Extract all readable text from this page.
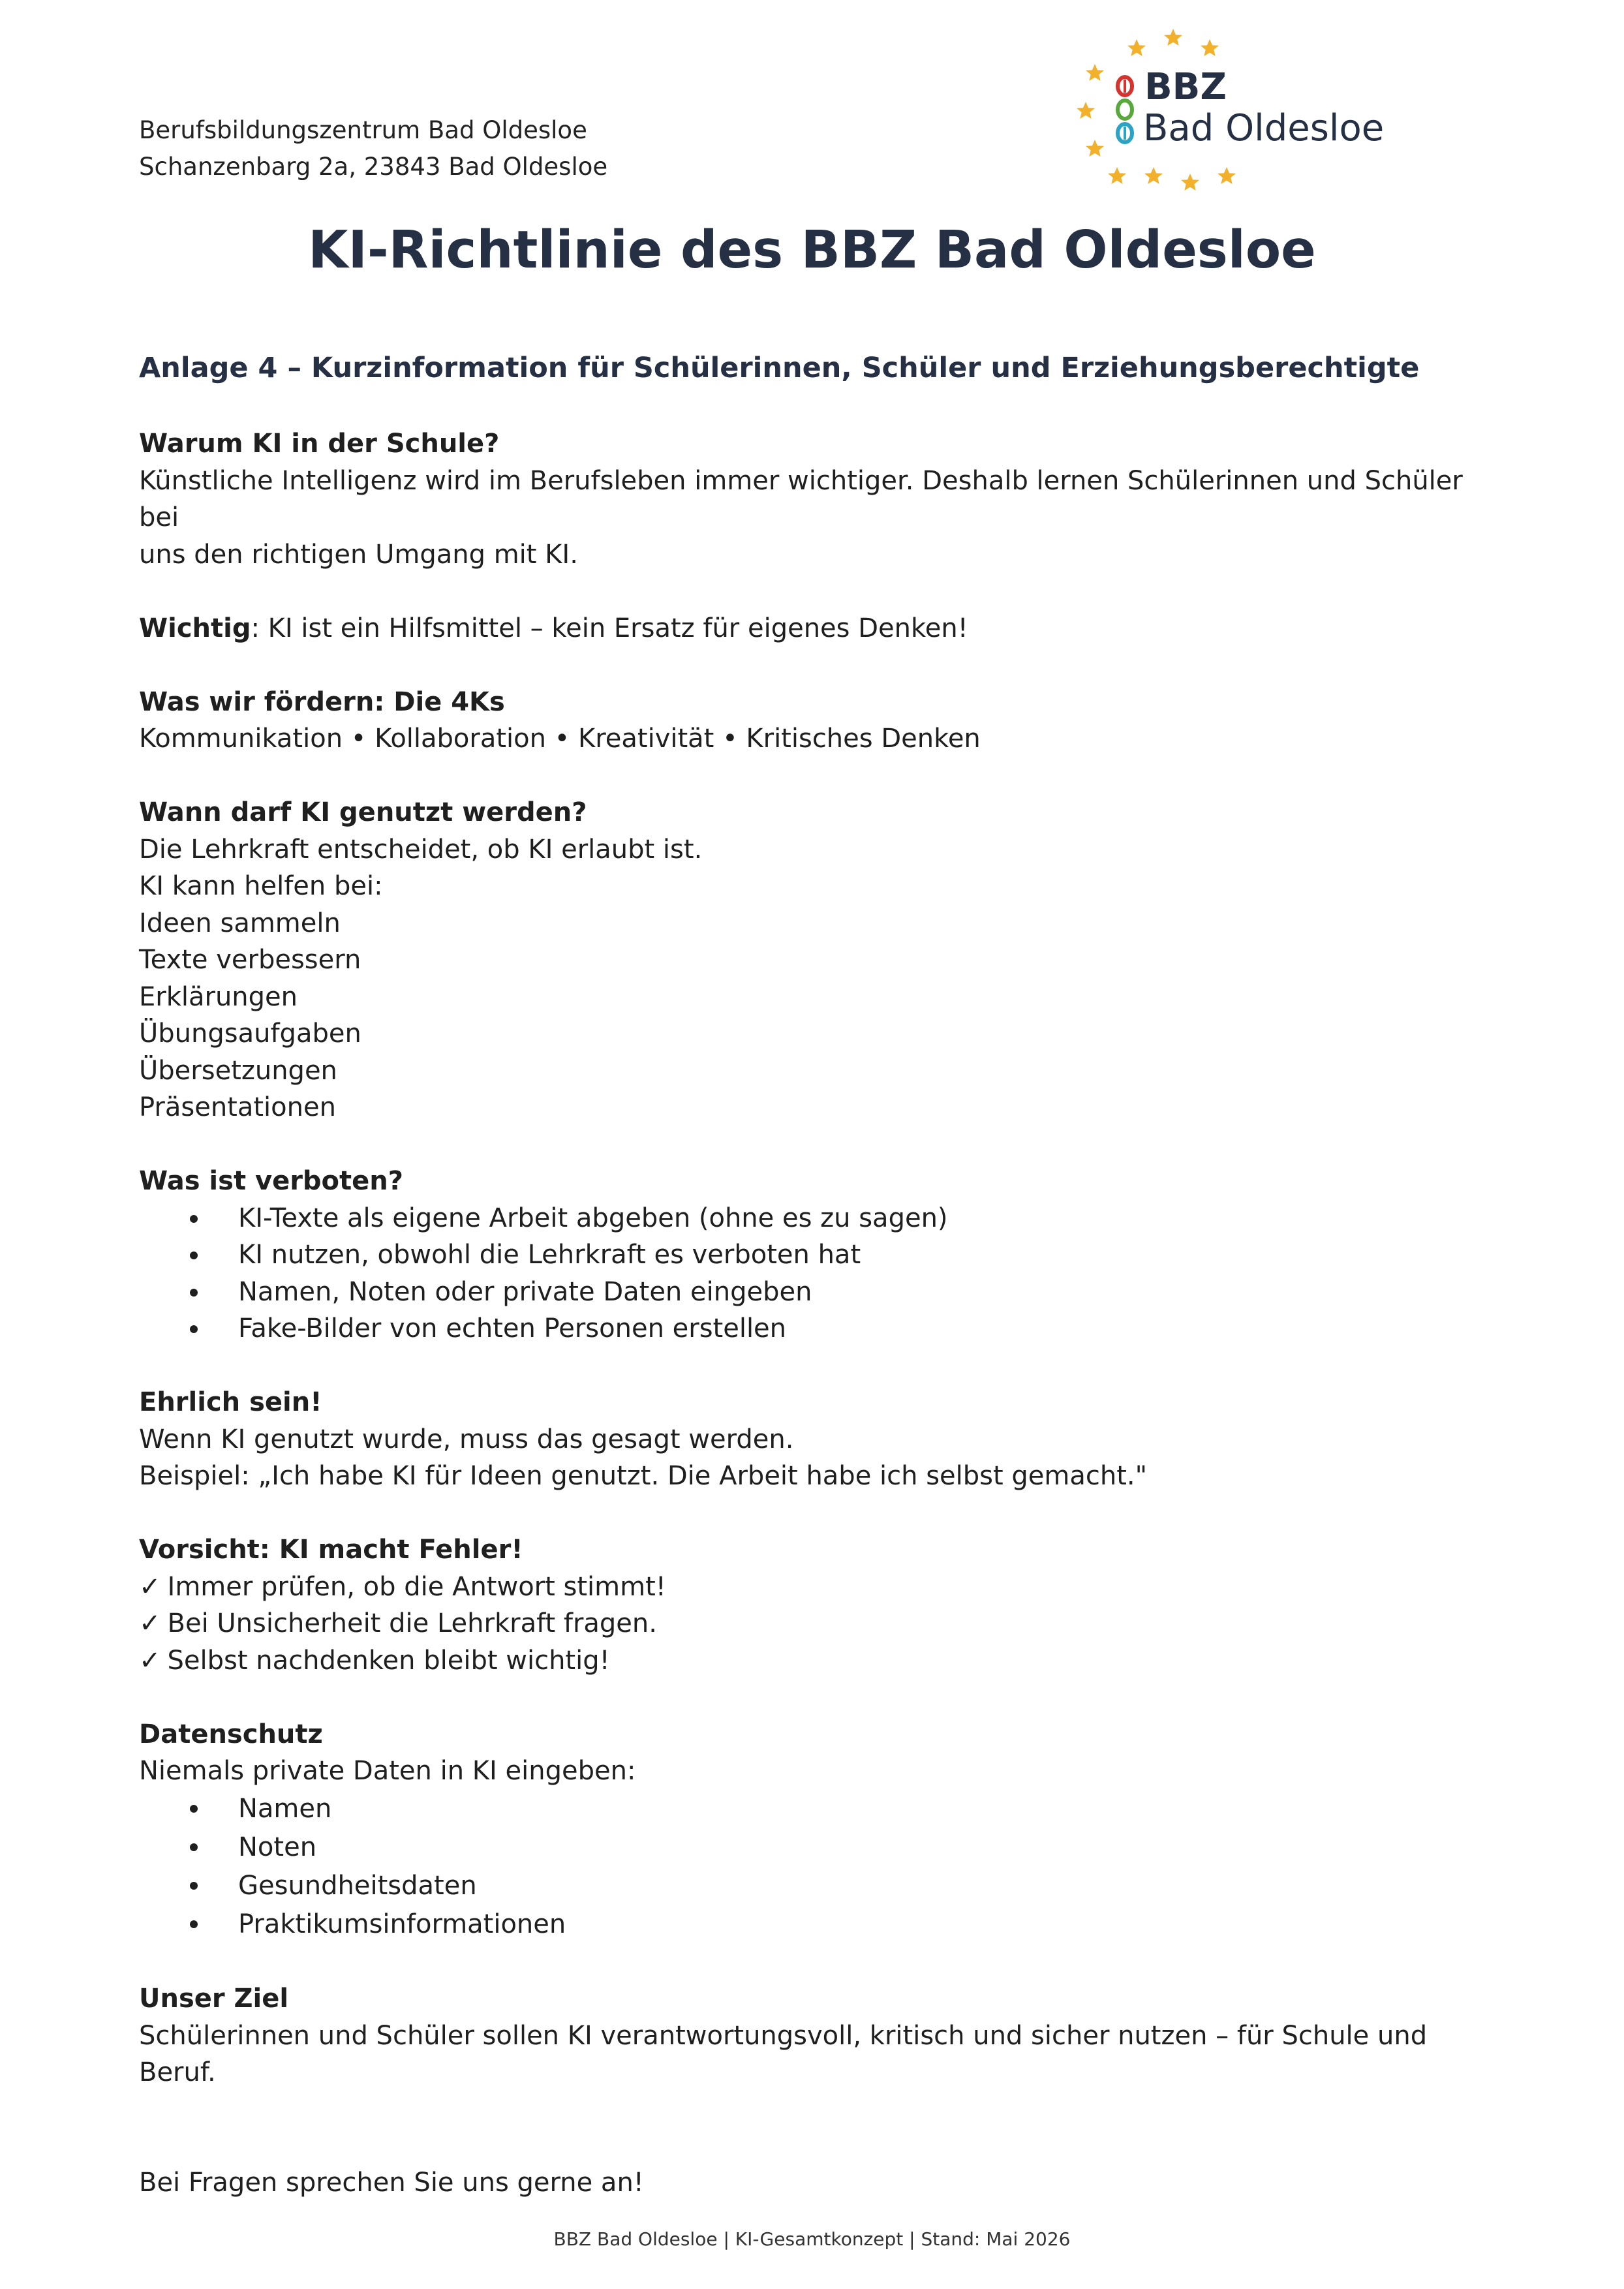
Berufsbildungszentrum Bad Oldesloe
Schanzenbarg 2a, 23843 Bad Oldesloe
BBZ
Bad Oldesloe
KI-Richtlinie des BBZ Bad Oldesloe
Anlage 4 – Kurzinformation für Schülerinnen, Schüler und Erziehungsberechtigte
Warum KI in der Schule?
Künstliche Intelligenz wird im Berufsleben immer wichtiger. Deshalb lernen Schülerinnen und Schüler bei
uns den richtigen Umgang mit KI.
Wichtig: KI ist ein Hilfsmittel – kein Ersatz für eigenes Denken!
Was wir fördern: Die 4Ks
Kommunikation • Kollaboration • Kreativität • Kritisches Denken
Wann darf KI genutzt werden?
Die Lehrkraft entscheidet, ob KI erlaubt ist.
KI kann helfen bei:
Ideen sammeln
Texte verbessern
Erklärungen
Übungsaufgaben
Übersetzungen
Präsentationen
Was ist verboten?
KI-Texte als eigene Arbeit abgeben (ohne es zu sagen)
KI nutzen, obwohl die Lehrkraft es verboten hat
Namen, Noten oder private Daten eingeben
Fake-Bilder von echten Personen erstellen
Ehrlich sein!
Wenn KI genutzt wurde, muss das gesagt werden.
Beispiel: „Ich habe KI für Ideen genutzt. Die Arbeit habe ich selbst gemacht."
Vorsicht: KI macht Fehler!
✓ Immer prüfen, ob die Antwort stimmt!
✓ Bei Unsicherheit die Lehrkraft fragen.
✓ Selbst nachdenken bleibt wichtig!
Datenschutz
Niemals private Daten in KI eingeben:
Namen
Noten
Gesundheitsdaten
Praktikumsinformationen
Unser Ziel
Schülerinnen und Schüler sollen KI verantwortungsvoll, kritisch und sicher nutzen – für Schule und Beruf.
Bei Fragen sprechen Sie uns gerne an!
BBZ Bad Oldesloe | KI-Gesamtkonzept | Stand: Mai 2026
